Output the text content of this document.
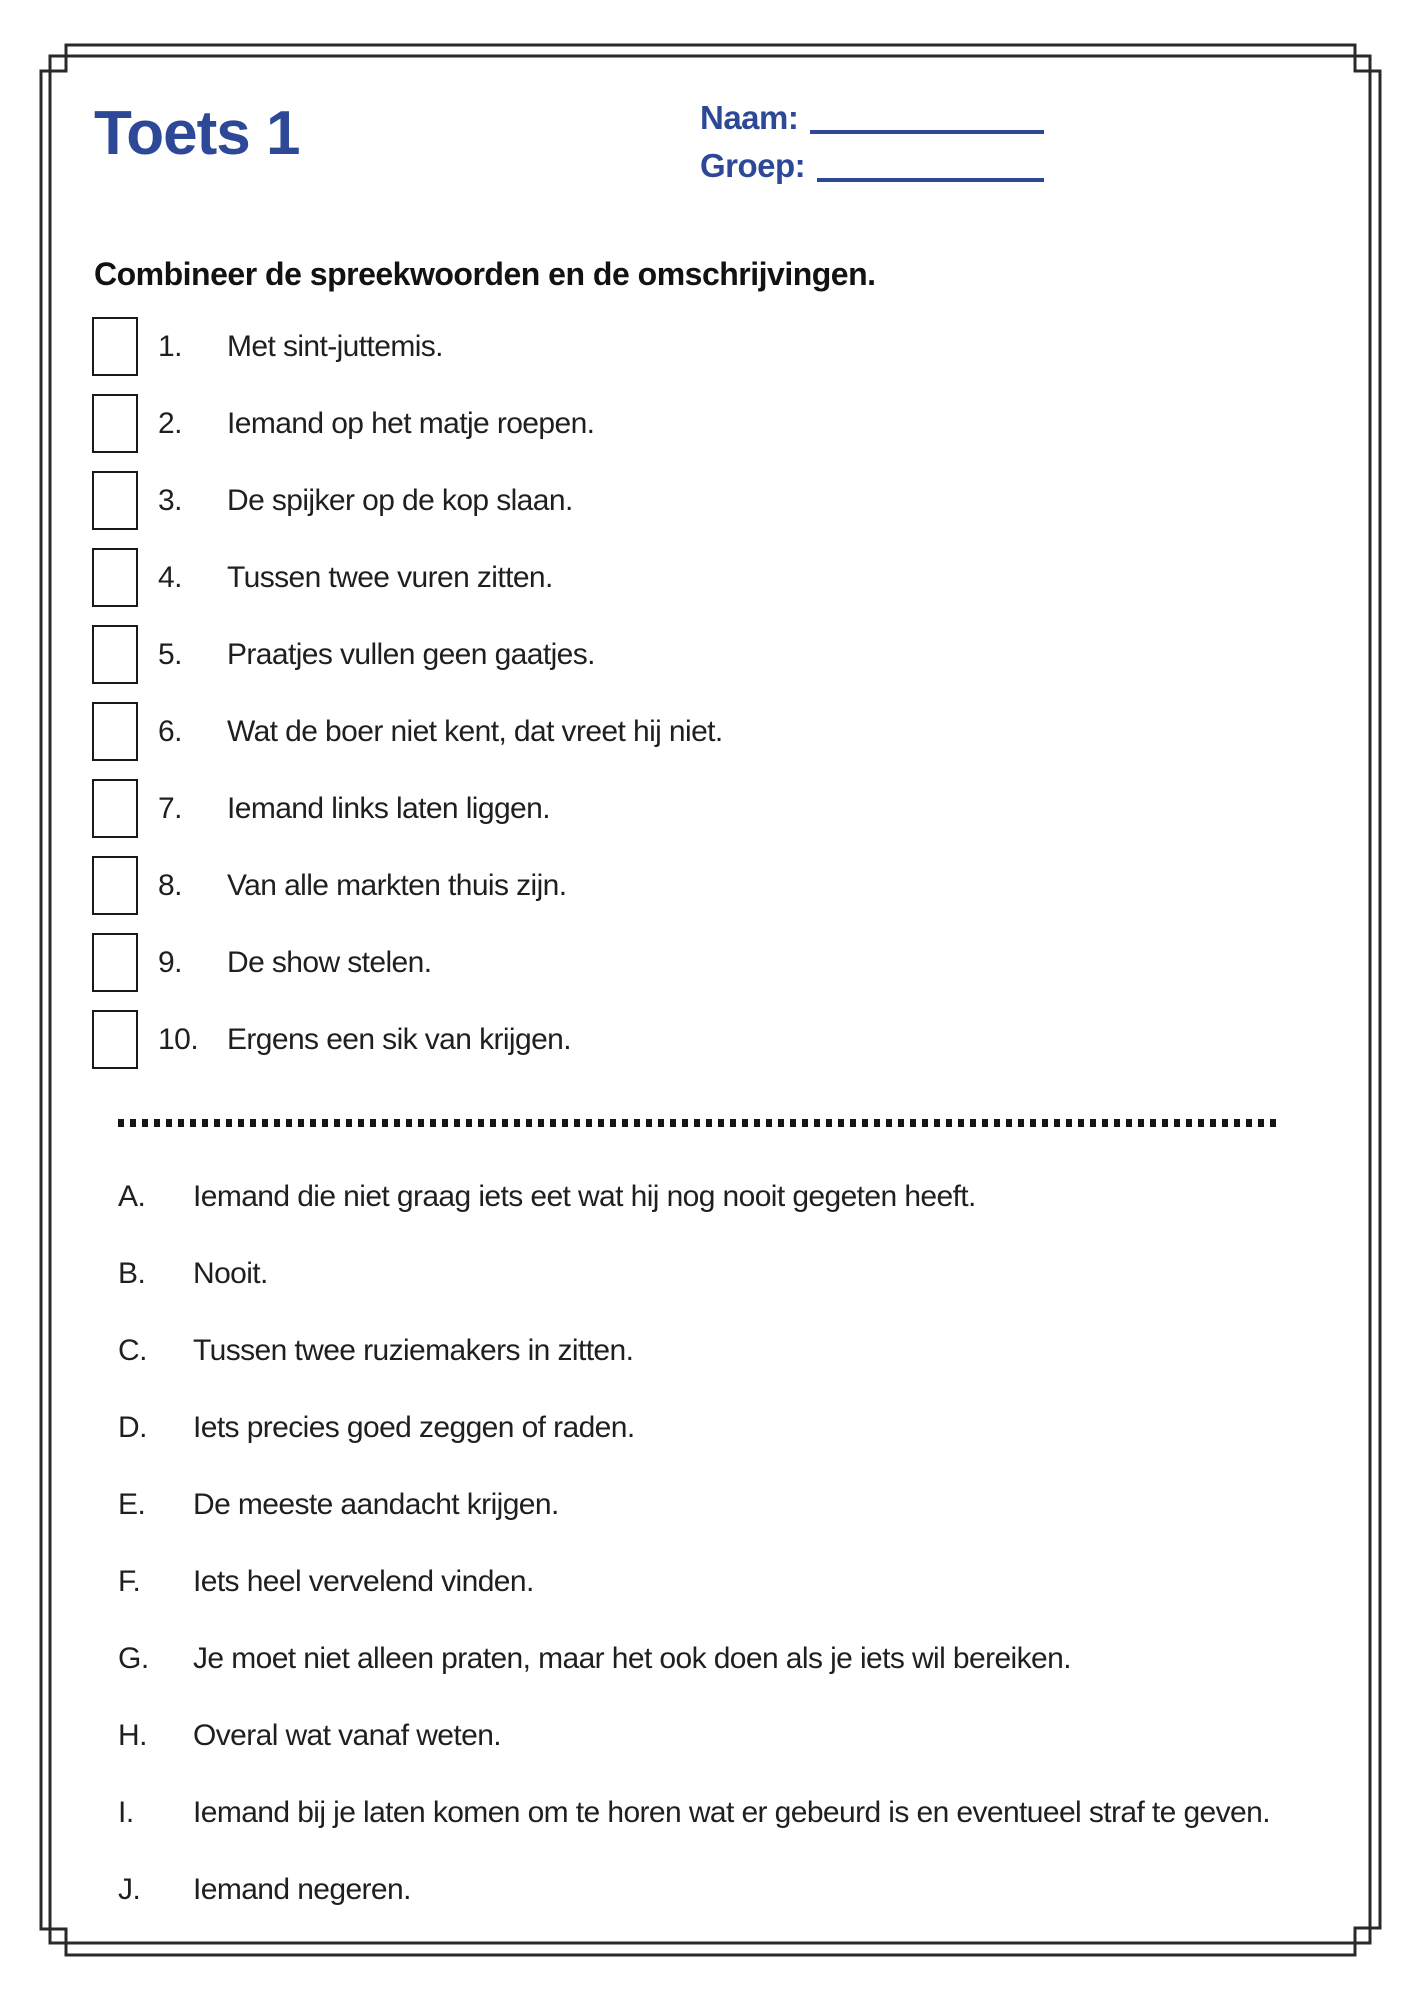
Toets 1	Naam:
Groep:
Combineer de spreekwoorden en de omschrijvingen.
1.	Met sint-juttemis.
2.	Iemand op het matje roepen.
3.	De spijker op de kop slaan.
4.	Tussen twee vuren zitten.
5.	Praatjes vullen geen gaatjes.
6.	Wat de boer niet kent, dat vreet hij niet.
7.	Iemand links laten liggen.
8.	Van alle markten thuis zijn.
9.	De show stelen.
10. Ergens een sik van krijgen.
A.	Iemand die niet graag iets eet wat hij nog nooit gegeten heeft.
B.	Nooit.
C.	Tussen twee ruziemakers in zitten.
D.	Iets precies goed zeggen of raden.
E.	De meeste aandacht krijgen.
F.	Iets heel vervelend vinden.
G.	Je moet niet alleen praten, maar het ook doen als je iets wil bereiken.
H.	Overal wat vanaf weten.
I.	Iemand bij je laten komen om te horen wat er gebeurd is en eventueel straf te geven.
J.	Iemand negeren.
